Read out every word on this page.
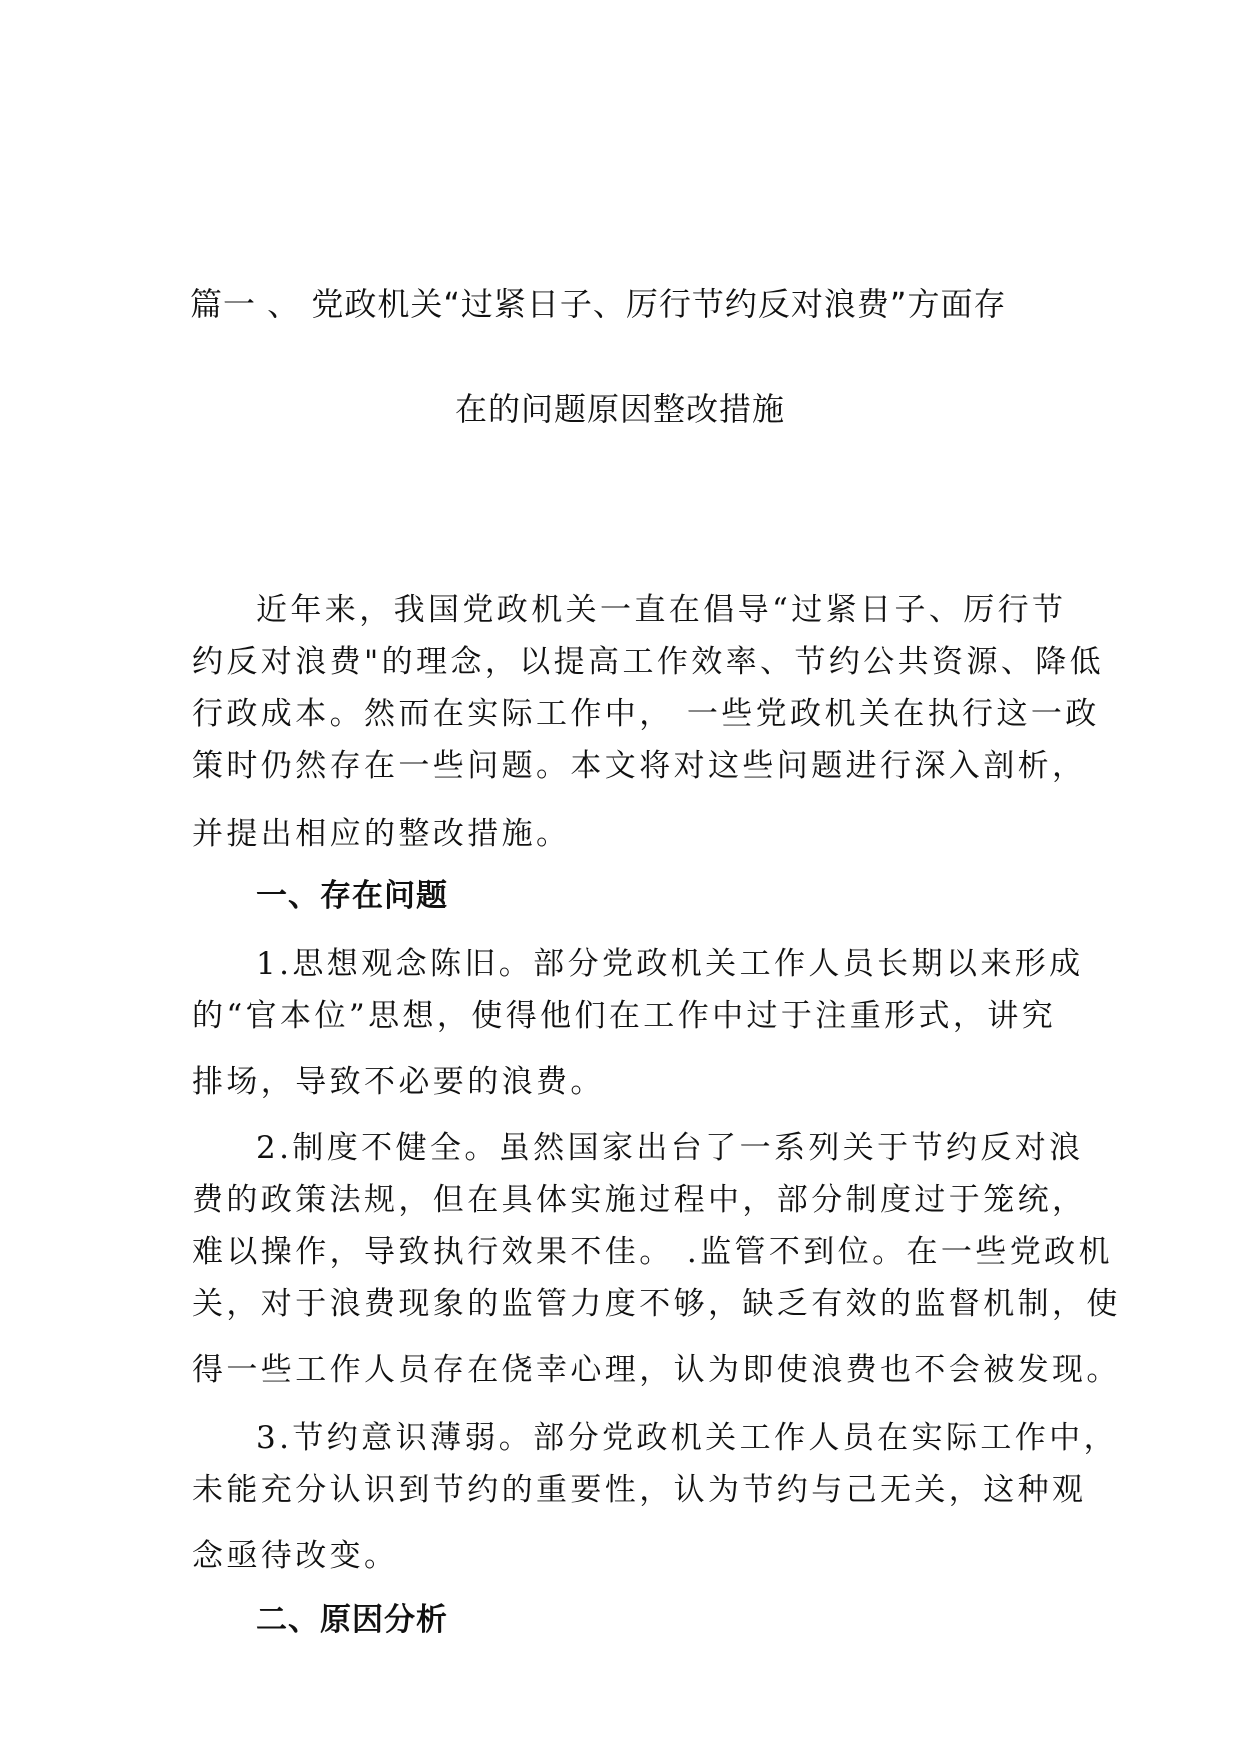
篇一 、 党政机关“过紧日子、厉行节约反对浪费”方面存
在的问题原因整改措施

近年来，我国党政机关一直在倡导“过紧日子、厉行节

约反对浪费"的理念，以提高工作效率、节约公共资源、降低

行政成本。然而在实际工作中， 一些党政机关在执行这一政

策时仍然存在一些问题。本文将对这些问题进行深入剖析，

并提出相应的整改措施。

一、存在问题

1.思想观念陈旧。部分党政机关工作人员长期以来形成

的“官本位”思想，使得他们在工作中过于注重形式，讲究

排场，导致不必要的浪费。

2.制度不健全。虽然国家出台了一系列关于节约反对浪

费的政策法规，但在具体实施过程中，部分制度过于笼统，

难以操作，导致执行效果不佳。 .监管不到位。在一些党政机

关，对于浪费现象的监管力度不够，缺乏有效的监督机制，使

得一些工作人员存在侥幸心理，认为即使浪费也不会被发现。

3.节约意识薄弱。部分党政机关工作人员在实际工作中，

未能充分认识到节约的重要性，认为节约与己无关，这种观

念亟待改变。

二、原因分析
